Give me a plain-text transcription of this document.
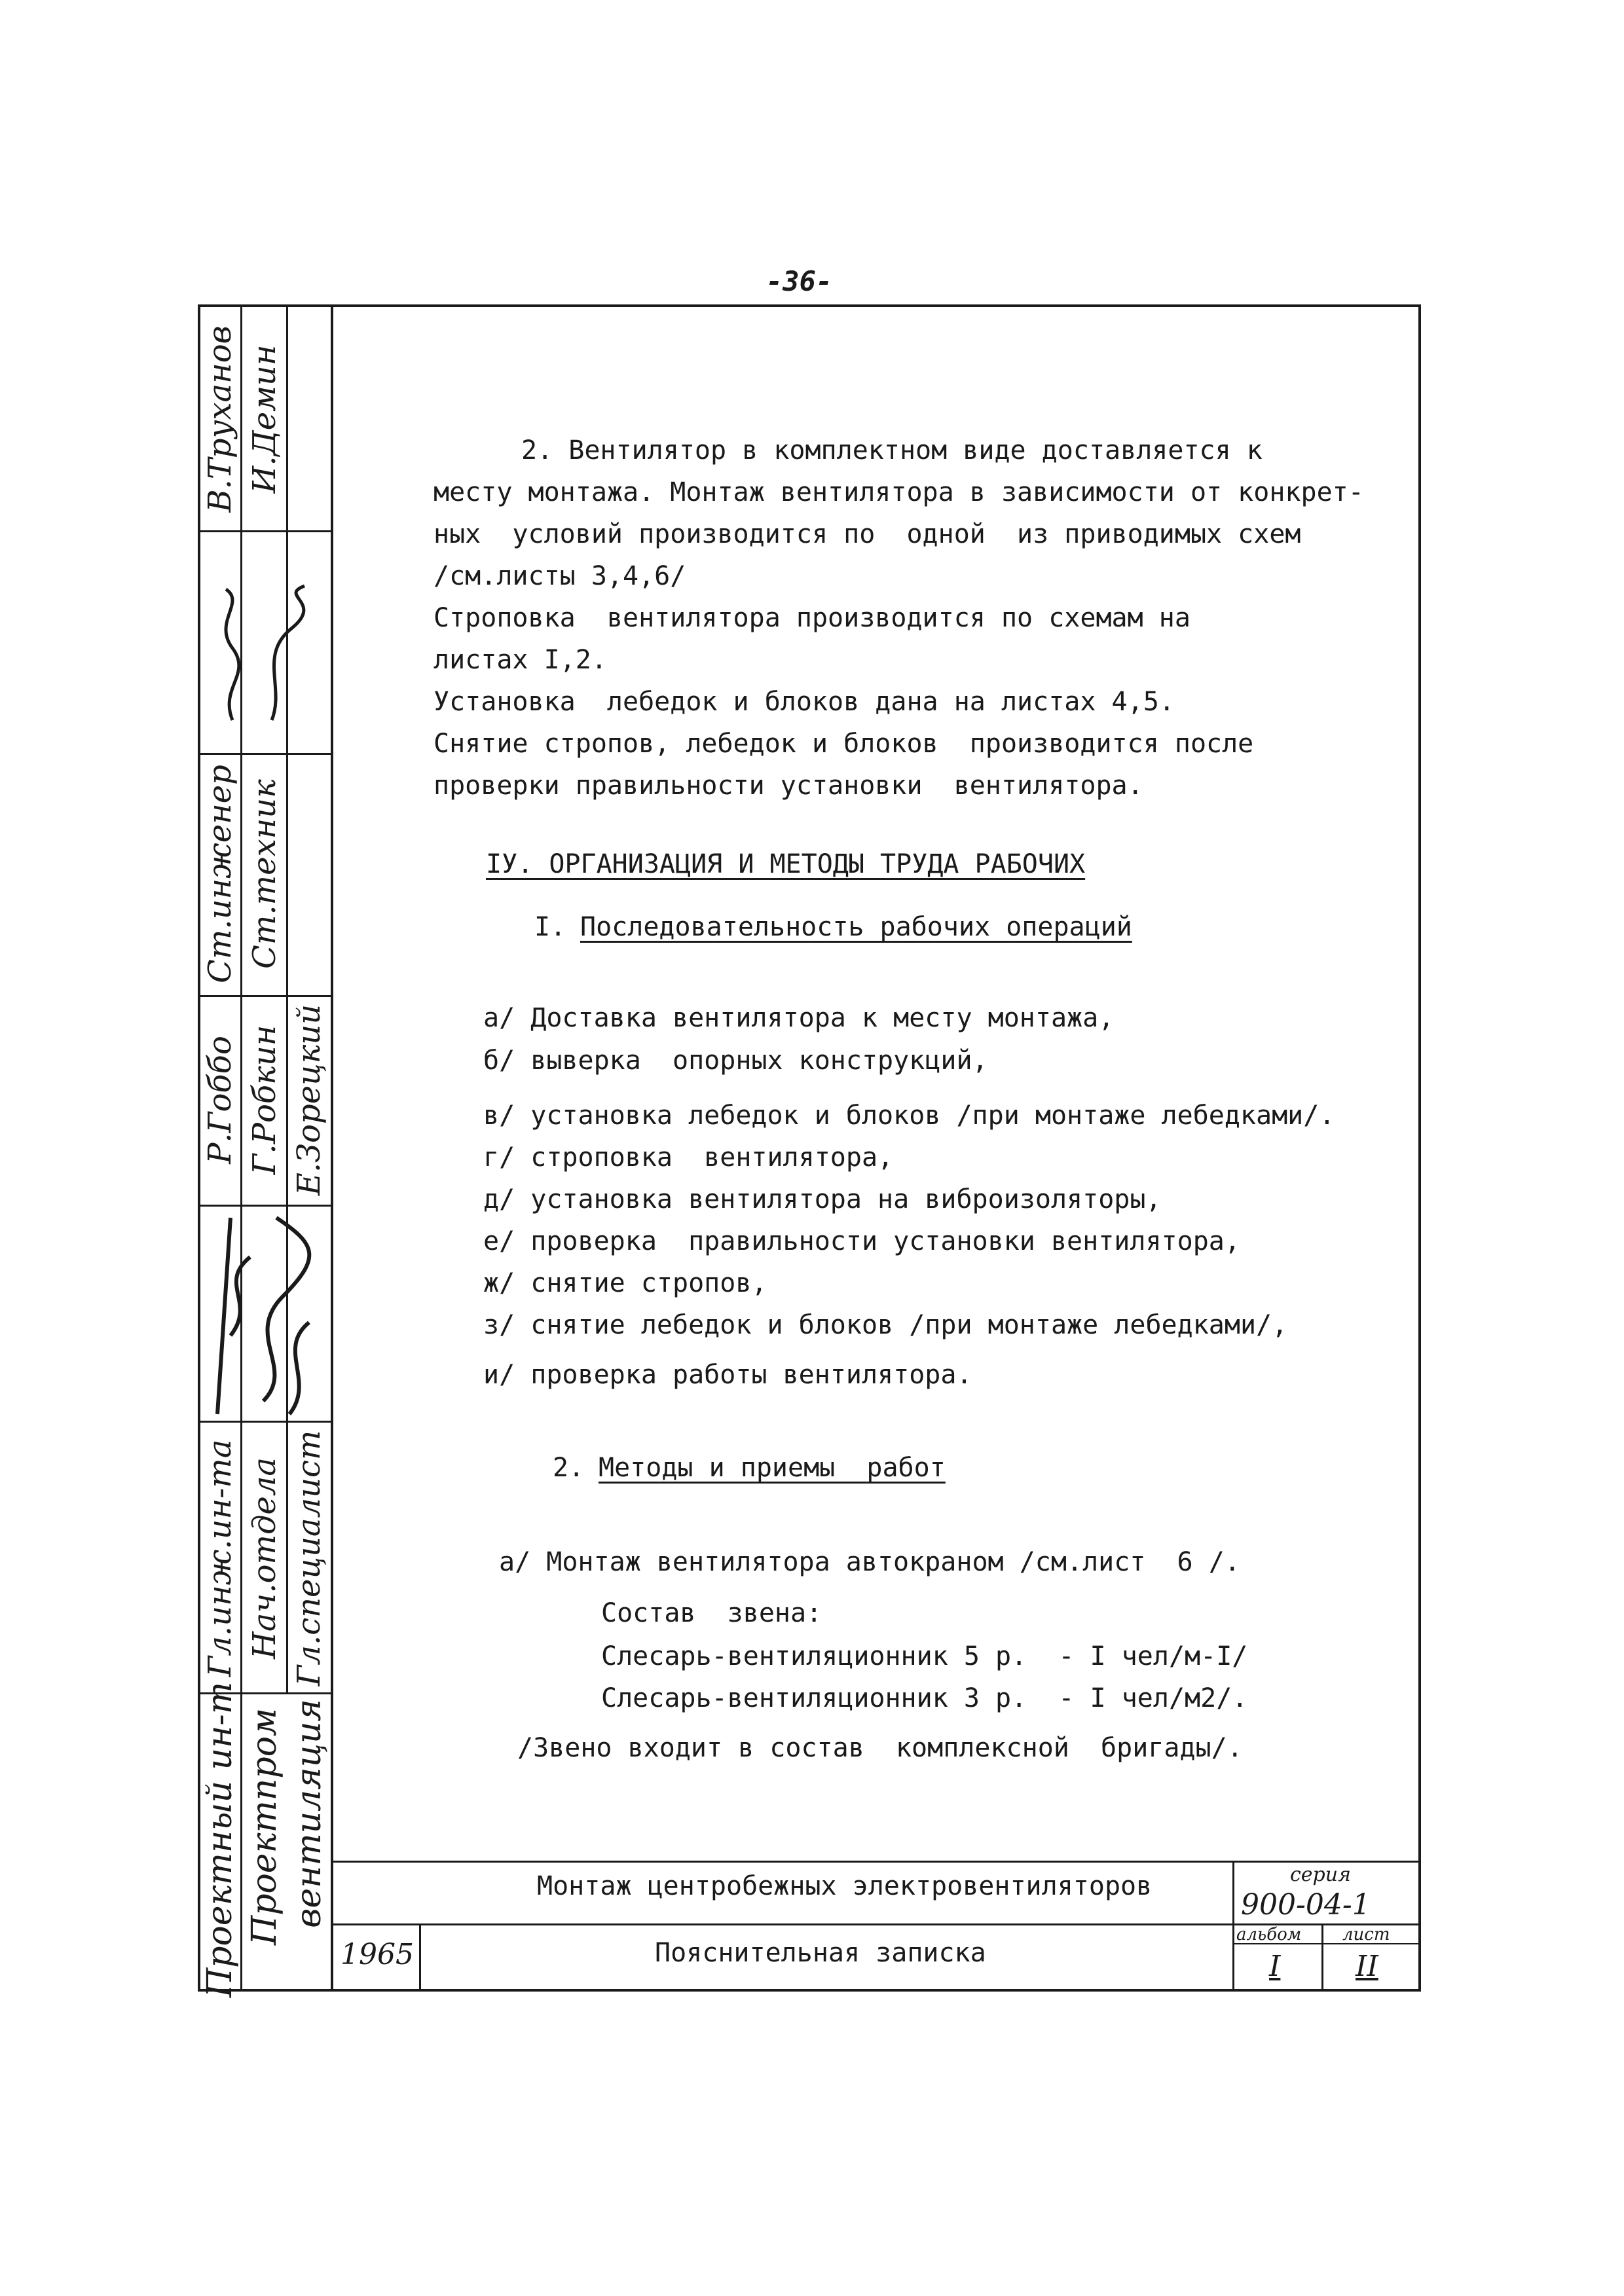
-36-
Проектный ин-т Проектпром вентиляция
Гл.инж.ин-та
Ст.инженер
Р.Гоббо
В.Труханов
Нач.отдела
Ст.техник
Г.Робкин
И.Демин
Гл.специалист
Е.Зорецкий
2. Вентилятор в комплектном виде доставляется к
месту монтажа. Монтаж вентилятора в зависимости от конкрет-
ных  условий производится по  одной  из приводимых схем
/см.листы 3,4,6/
Строповка  вентилятора производится по схемам на
листах I,2.
Установка  лебедок и блоков дана на листах 4,5.
Снятие стропов, лебедок и блоков  производится после
проверки правильности установки  вентилятора.
IУ. ОРГАНИЗАЦИЯ И МЕТОДЫ ТРУДА РАБОЧИХ
I. Последовательность рабочих операций
а/ Доставка вентилятора к месту монтажа,
б/ выверка  опорных конструкций,
в/ установка лебедок и блоков /при монтаже лебедками/.
г/ строповка  вентилятора,
д/ установка вентилятора на виброизоляторы,
е/ проверка  правильности установки вентилятора,
ж/ снятие стропов,
з/ снятие лебедок и блоков /при монтаже лебедками/,
и/ проверка работы вентилятора.
2. Методы и приемы  работ
а/ Монтаж вентилятора автокраном /см.лист  6 /.
Состав  звена:
Слесарь-вентиляционник 5 р.  - I чел/м-I/
Слесарь-вентиляционник 3 р.  - I чел/м2/.
/Звено входит в состав  комплексной  бригады/.
Монтаж центробежных электровентиляторов
Пояснительная записка
1965
серия
900-04-1
альбом лист
I	II
